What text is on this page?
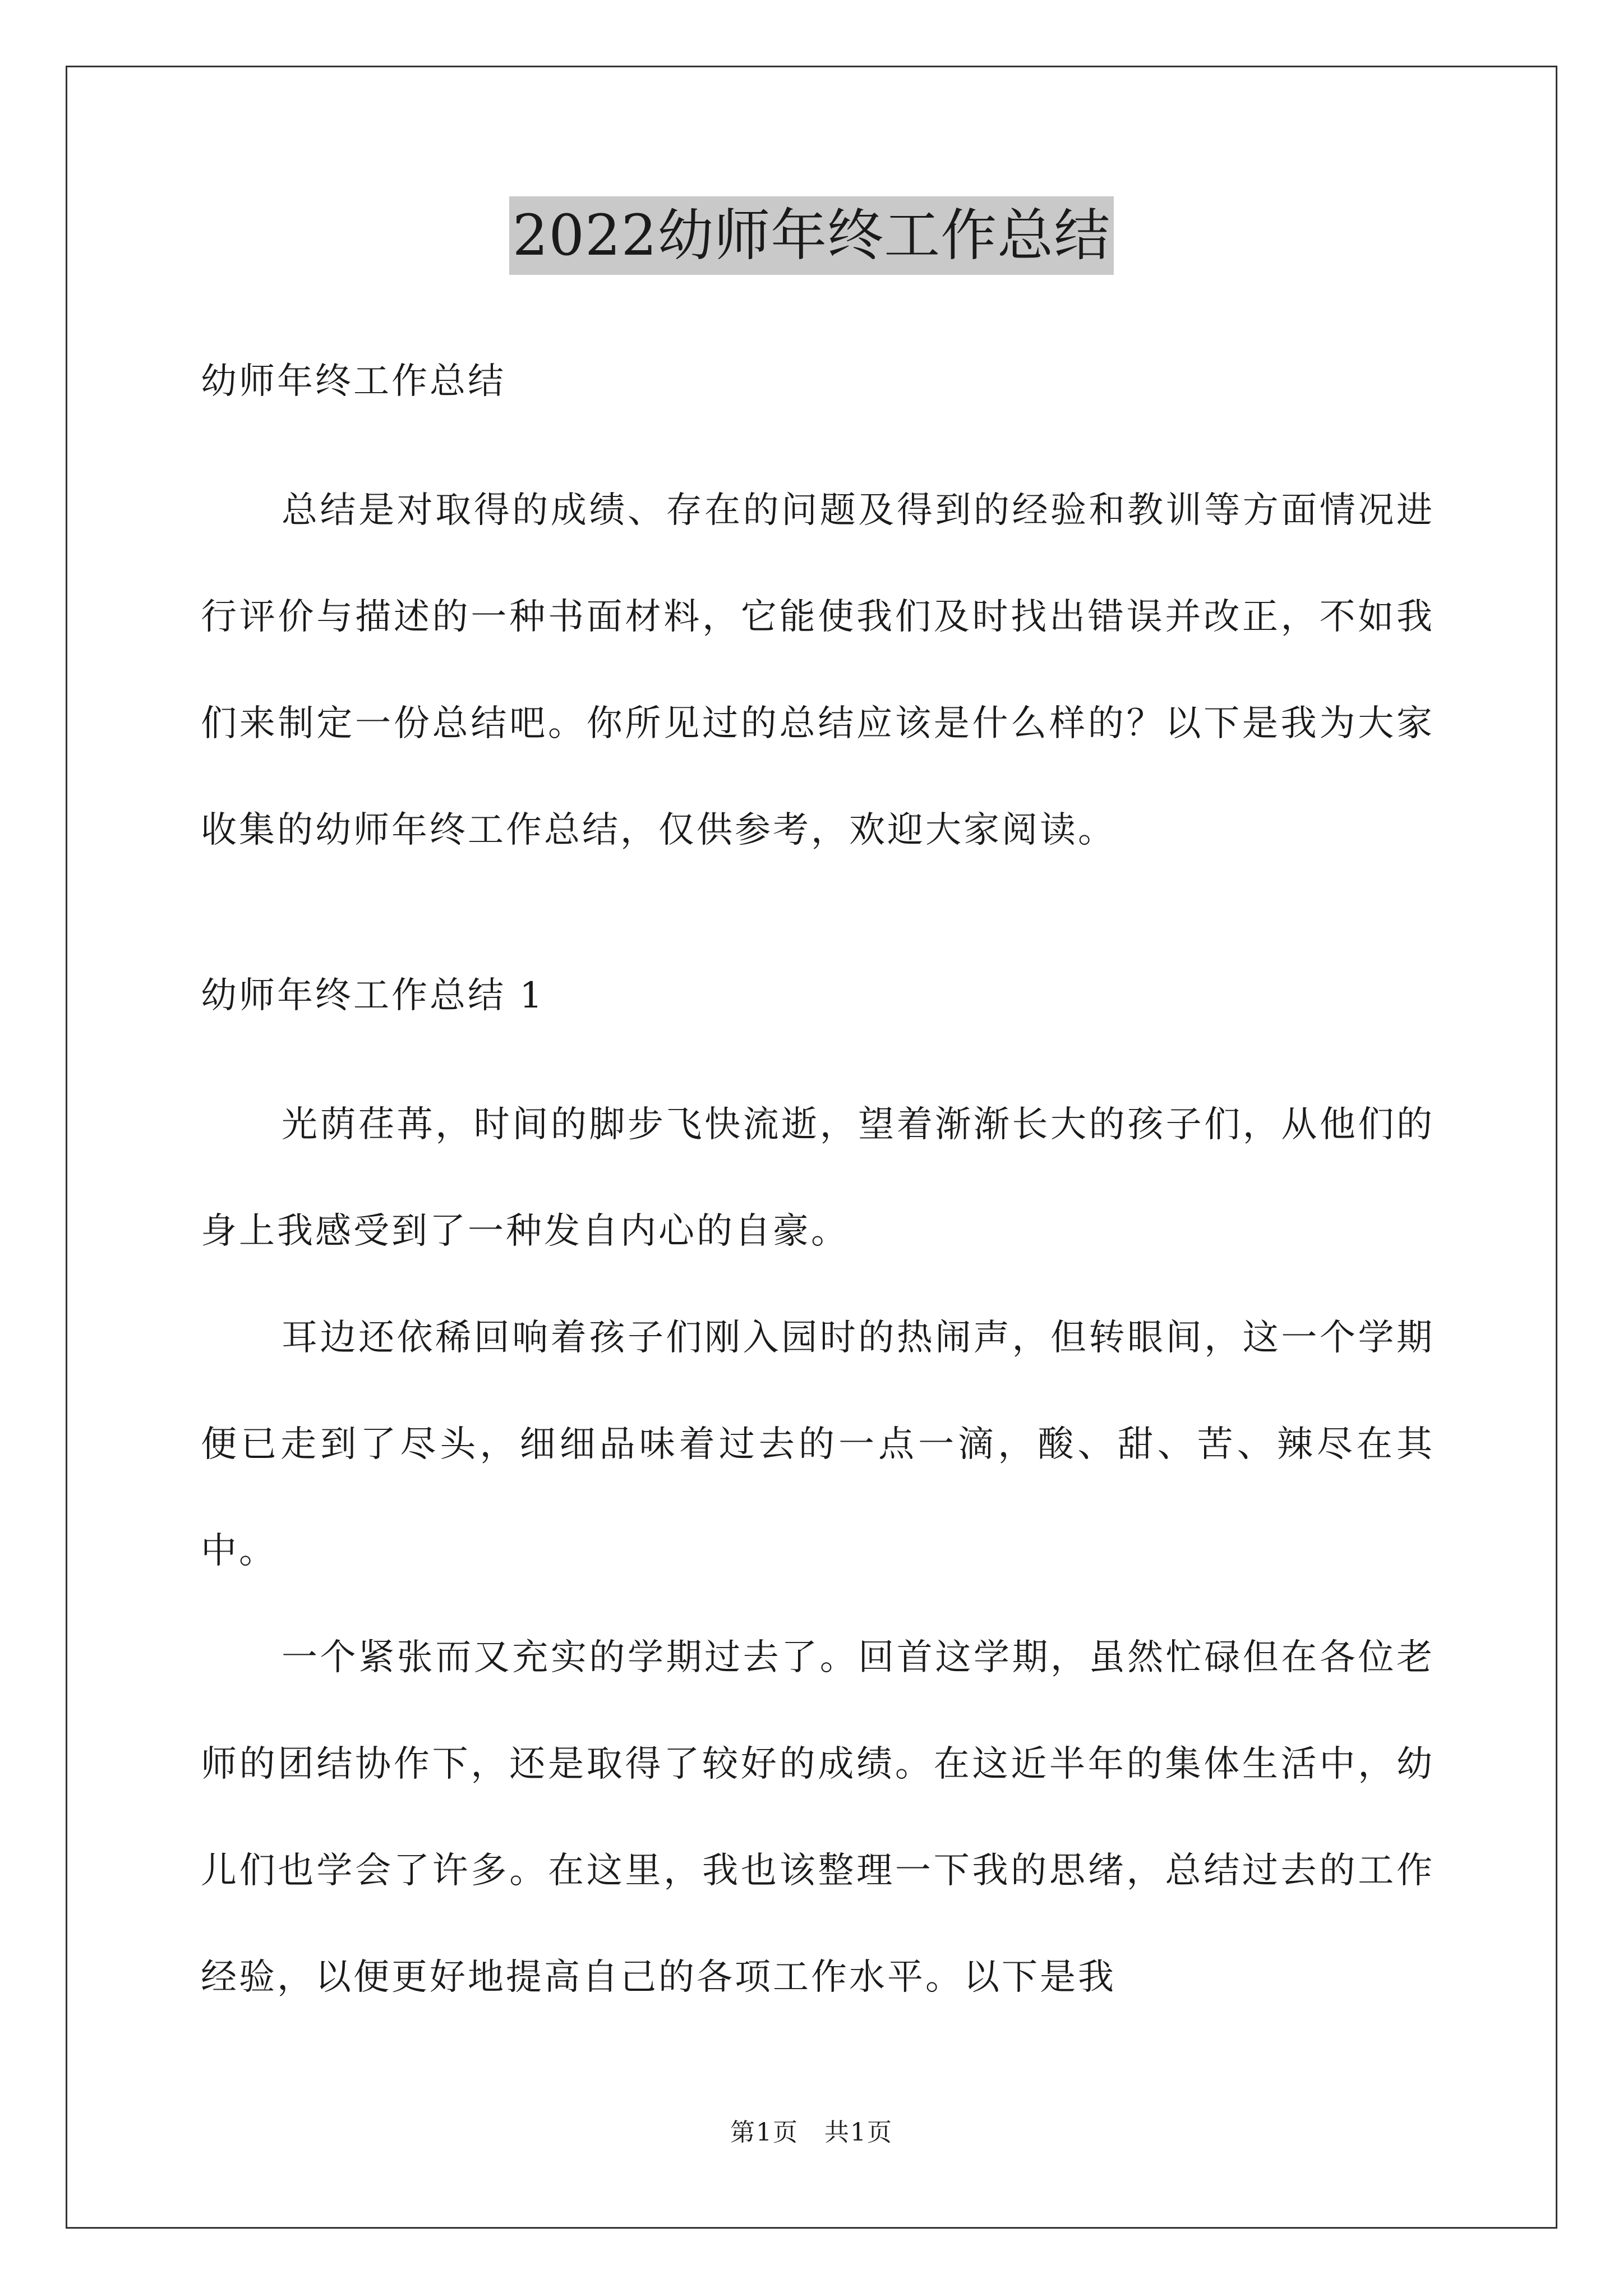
2022幼师年终工作总结

幼师年终工作总结

总结是对取得的成绩、存在的问题及得到的经验和教训等方面情况进行评价与描述的一种书面材料，它能使我们及时找出错误并改正，不如我们来制定一份总结吧。你所见过的总结应该是什么样的？以下是我为大家收集的幼师年终工作总结，仅供参考，欢迎大家阅读。

幼师年终工作总结 1

光荫荏苒，时间的脚步飞快流逝，望着渐渐长大的孩子们，从他们的身上我感受到了一种发自内心的自豪。

耳边还依稀回响着孩子们刚入园时的热闹声，但转眼间，这一个学期便已走到了尽头，细细品味着过去的一点一滴，酸、甜、苦、辣尽在其中。

一个紧张而又充实的学期过去了。回首这学期，虽然忙碌但在各位老师的团结协作下，还是取得了较好的成绩。在这近半年的集体生活中，幼儿们也学会了许多。在这里，我也该整理一下我的思绪，总结过去的工作经验，以便更好地提高自己的各项工作水平。以下是我

第1页　共1页
